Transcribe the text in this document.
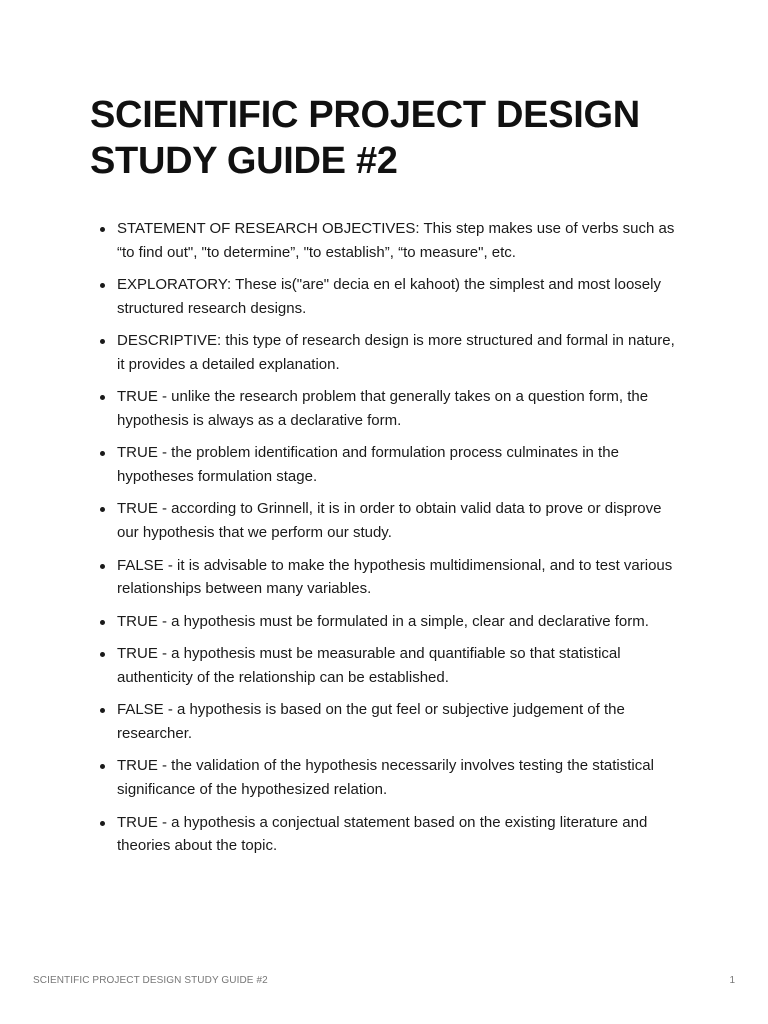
SCIENTIFIC PROJECT DESIGN
STUDY GUIDE #2
STATEMENT OF RESEARCH OBJECTIVES: This step makes use of verbs such as “to find out", "to determine”, "to establish”, “to measure", etc.
EXPLORATORY: These is("are" decia en el kahoot) the simplest and most loosely structured research designs.
DESCRIPTIVE: this type of research design is more structured and formal in nature, it provides a detailed explanation.
TRUE - unlike the research problem that generally takes on a question form, the hypothesis is always as a declarative form.
TRUE - the problem identification and formulation process culminates in the hypotheses formulation stage.
TRUE - according to Grinnell, it is in order to obtain valid data to prove or disprove our hypothesis that we perform our study.
FALSE - it is advisable to make the hypothesis multidimensional, and to test various relationships between many variables.
TRUE - a hypothesis must be formulated in a simple, clear and declarative form.
TRUE - a hypothesis must be measurable and quantifiable so that statistical authenticity of the relationship can be established.
FALSE - a hypothesis is based on the gut feel or subjective judgement of the researcher.
TRUE - the validation of the hypothesis necessarily involves testing the statistical significance of the hypothesized relation.
TRUE - a hypothesis a conjectual statement based on the existing literature and theories about the topic.
SCIENTIFIC PROJECT DESIGN STUDY GUIDE #2	1
